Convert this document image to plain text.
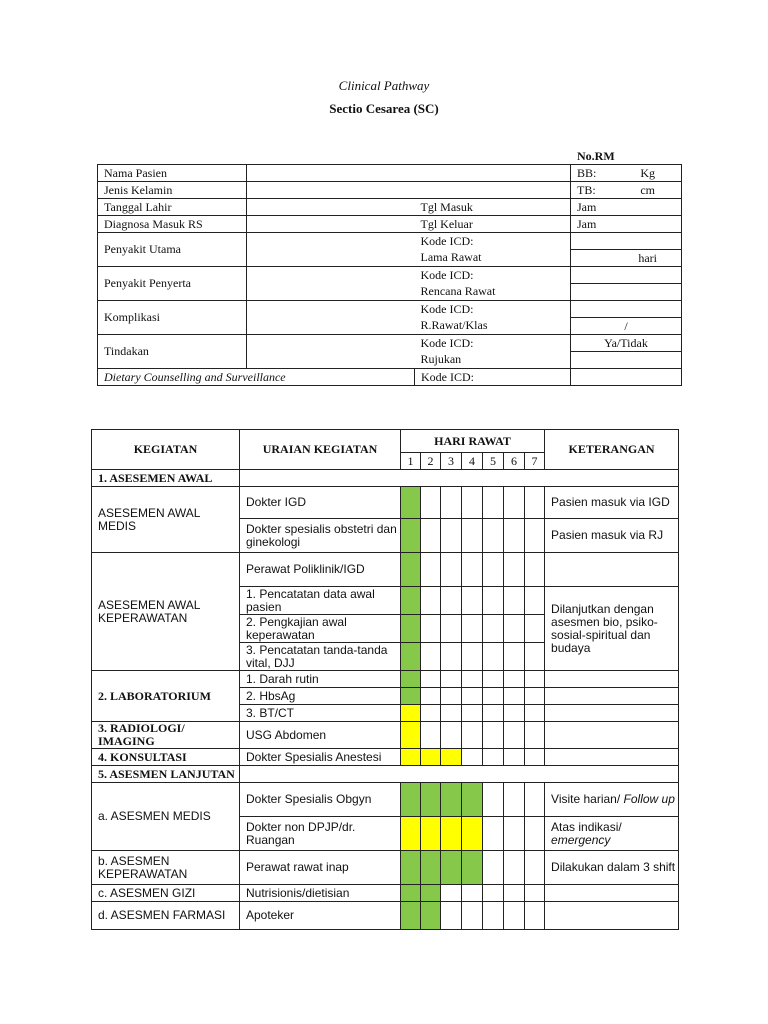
Clinical Pathway
Sectio Cesarea (SC)
No.RM
Nama Pasien			BB: Kg

Jenis Kelamin			TB: cm

Tanggal Lahir		Tgl Masuk	Jam
Diagnosa Masuk RS		Tgl Keluar	Jam
Penyakit Utama		Kode ICD:	
		Lama Rawat	hari
Penyakit Penyerta		Kode ICD:	
		Rencana Rawat	
Komplikasi		Kode ICD:	
		R.Rawat/Klas	/
Tindakan		Kode ICD:	Ya/Tidak
		Rujukan	
Dietary Counselling and Surveillance		Kode ICD:	
KEGIATAN	URAIAN KEGIATAN	HARI RAWAT							KETERANGAN
		1	2	3	4	5	6	7	
1. ASESEMEN AWAL									
ASESEMEN AWAL MEDIS	Dokter IGD								Pasien masuk via IGD
	Dokter spesialis obstetri dan ginekologi								Pasien masuk via RJ
ASESEMEN AWAL KEPERAWATAN	Perawat Poliklinik/IGD								
	1. Pencatatan data awal pasien								Dilanjutkan dengan asesmen bio, psiko-sosial-spiritual dan budaya
	2. Pengkajian awal keperawatan								
	3. Pencatatan tanda-tanda vital, DJJ								
2. LABORATORIUM	1. Darah rutin								
	2. HbsAg								
	3. BT/CT								
3. RADIOLOGI/ IMAGING	USG Abdomen								
4. KONSULTASI	Dokter Spesialis Anestesi								
5. ASESMEN LANJUTAN									
a. ASESMEN MEDIS	Dokter Spesialis Obgyn								Visite harian/ Follow up
	Dokter non DPJP/dr. Ruangan								Atas indikasi/ emergency
b. ASESMEN KEPERAWATAN	Perawat rawat inap								Dilakukan dalam 3 shift
c. ASESMEN GIZI	Nutrisionis/dietisian								
d. ASESMEN FARMASI	Apoteker								
